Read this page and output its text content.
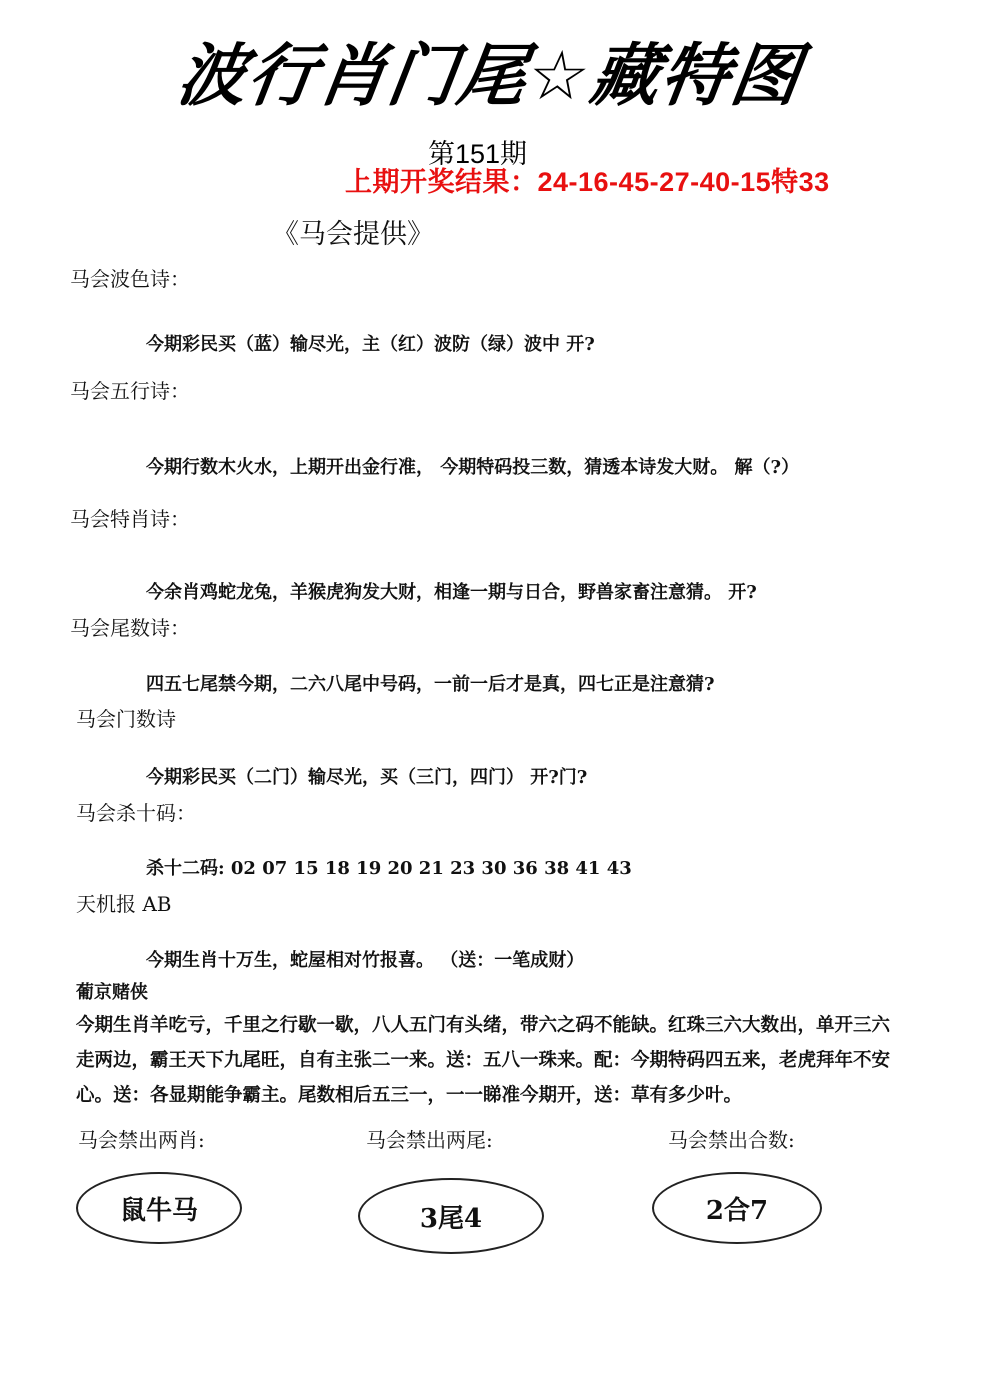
波行肖门尾☆藏特图
第151期
上期开奖结果：24-16-45-27-40-15特33
《马会提供》
马会波色诗：
今期彩民买（蓝）输尽光，主（红）波防（绿）波中 开?
马会五行诗：
今期行数木火水，上期开出金行准， 今期特码投三数，猜透本诗发大财。 解（?）
马会特肖诗：
今余肖鸡蛇龙兔，羊猴虎狗发大财，相逢一期与日合，野兽家畜注意猜。 开?
马会尾数诗：
四五七尾禁今期，二六八尾中号码，一前一后才是真，四七正是注意猜?
马会门数诗
今期彩民买（二门）输尽光，买（三门，四门） 开?门?
马会杀十码：
杀十二码: 02 07 15 18 19 20 21 23 30 36 38 41 43
天机报 AB
今期生肖十万生，蛇屋相对竹报喜。 （送：一笔成财）
葡京赌侠
今期生肖羊吃亏，千里之行歇一歇，八人五门有头绪，带六之码不能缺。红珠三六大数出，单开三六走两边，霸王天下九尾旺，自有主张二一来。送：五八一珠来。配：今期特码四五来，老虎拜年不安心。送：各显期能争霸主。尾数相后五三一，一一睇准今期开，送：草有多少叶。
马会禁出两肖:	马会禁出两尾:	马会禁出合数:
鼠牛马	3尾4	2合7
